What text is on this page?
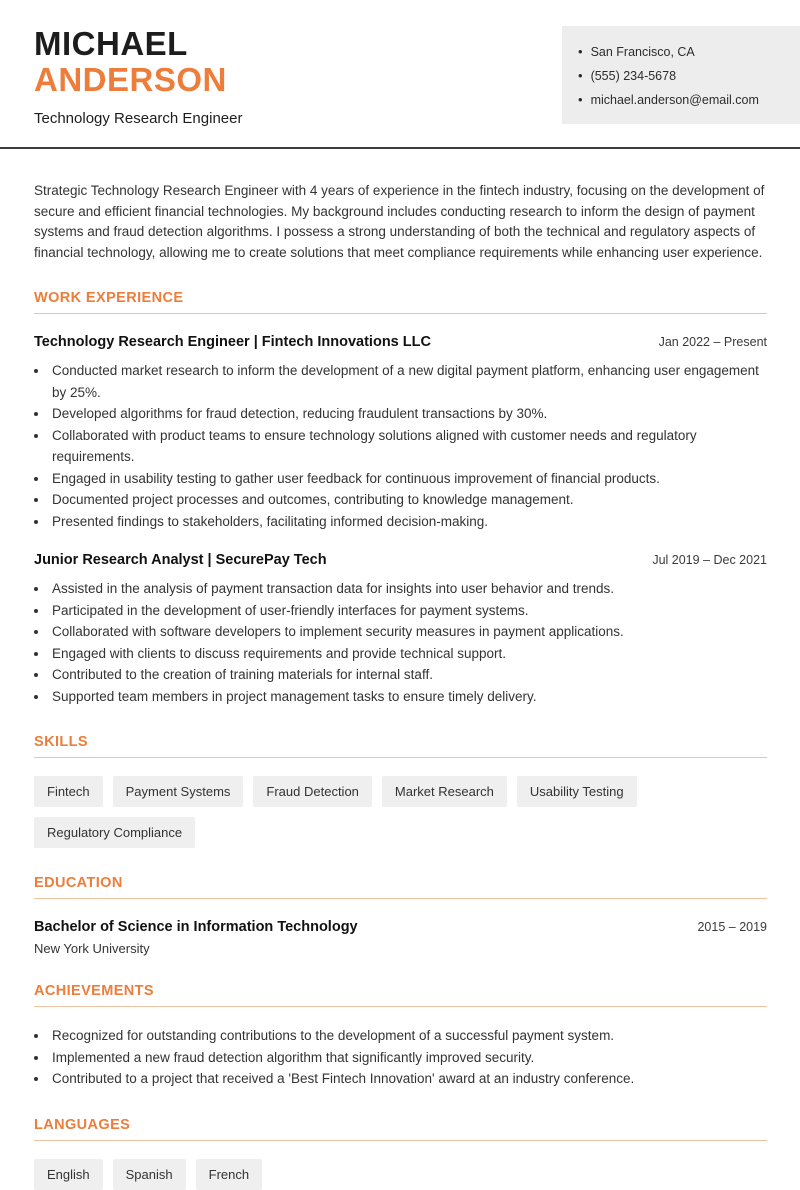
MICHAEL
ANDERSON
Technology Research Engineer
• San Francisco, CA
• (555) 234-5678
• michael.anderson@email.com

Strategic Technology Research Engineer with 4 years of experience in the fintech industry, focusing on the development of secure and efficient financial technologies. My background includes conducting research to inform the design of payment systems and fraud detection algorithms. I possess a strong understanding of both the technical and regulatory aspects of financial technology, allowing me to create solutions that meet compliance requirements while enhancing user experience.

WORK EXPERIENCE
Technology Research Engineer | Fintech Innovations LLC	Jan 2022 – Present
• Conducted market research to inform the development of a new digital payment platform, enhancing user engagement by 25%.
• Developed algorithms for fraud detection, reducing fraudulent transactions by 30%.
• Collaborated with product teams to ensure technology solutions aligned with customer needs and regulatory requirements.
• Engaged in usability testing to gather user feedback for continuous improvement of financial products.
• Documented project processes and outcomes, contributing to knowledge management.
• Presented findings to stakeholders, facilitating informed decision-making.
Junior Research Analyst | SecurePay Tech	Jul 2019 – Dec 2021
• Assisted in the analysis of payment transaction data for insights into user behavior and trends.
• Participated in the development of user-friendly interfaces for payment systems.
• Collaborated with software developers to implement security measures in payment applications.
• Engaged with clients to discuss requirements and provide technical support.
• Contributed to the creation of training materials for internal staff.
• Supported team members in project management tasks to ensure timely delivery.
SKILLS
Fintech	Payment Systems	Fraud Detection	Market Research	Usability Testing
Regulatory Compliance
EDUCATION
Bachelor of Science in Information Technology	2015 – 2019
New York University
ACHIEVEMENTS
• Recognized for outstanding contributions to the development of a successful payment system.
• Implemented a new fraud detection algorithm that significantly improved security.
• Contributed to a project that received a 'Best Fintech Innovation' award at an industry conference.
LANGUAGES
English	Spanish	French
